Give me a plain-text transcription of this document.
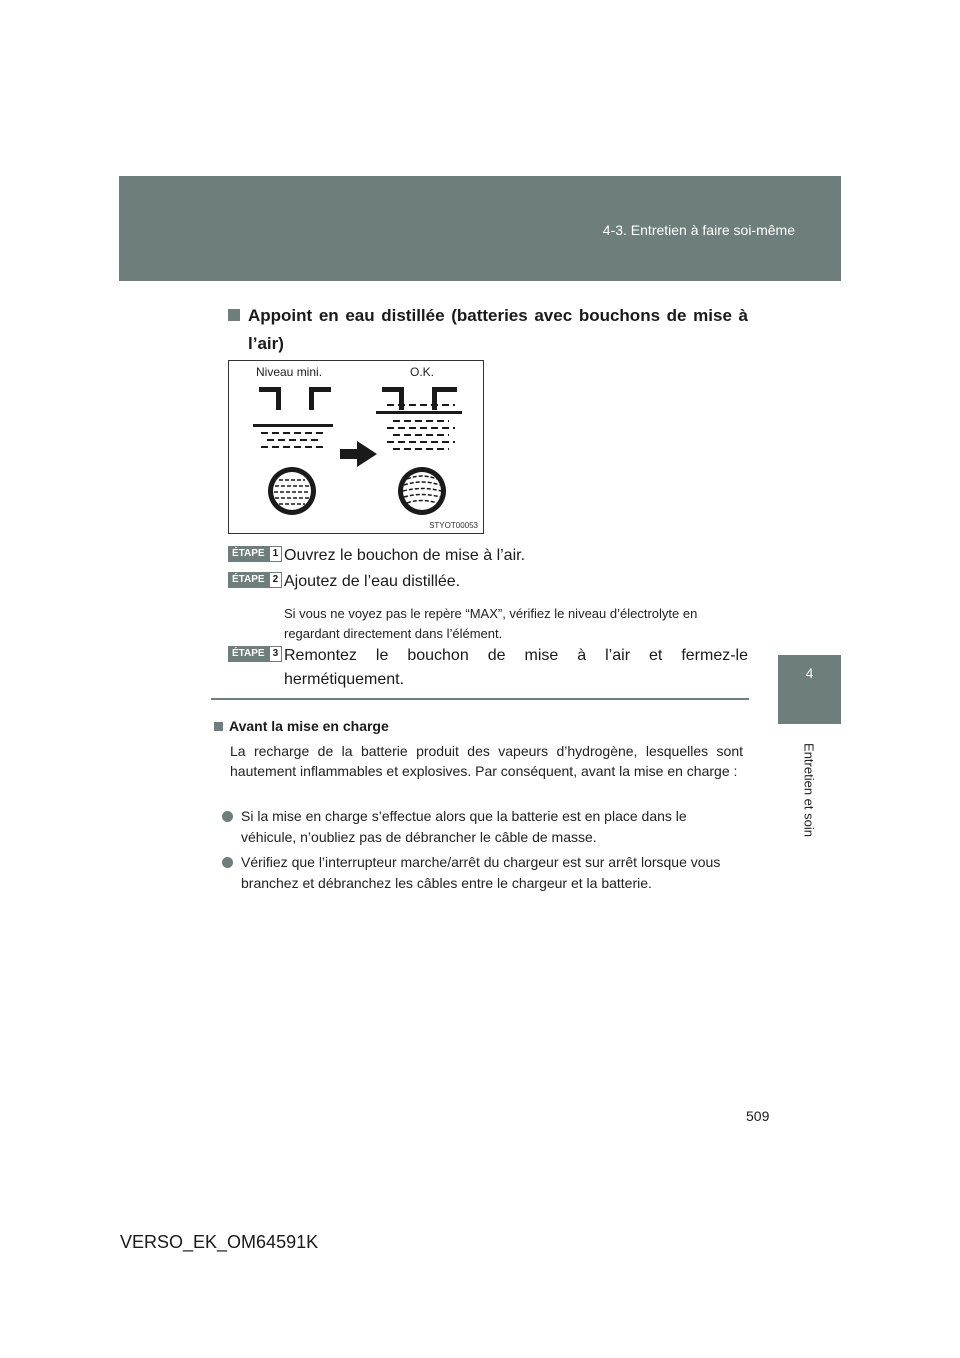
4-3. Entretien à faire soi-même
4
Entretien et soin
Appoint en eau distillée (batteries avec bouchons de mise à l’air)
Niveau mini.	O.K.
STYOT00053
ÉTAPE 1 Ouvrez le bouchon de mise à l’air.
ÉTAPE 2 Ajoutez de l’eau distillée.
Si vous ne voyez pas le repère “MAX”, vérifiez le niveau d’électrolyte en regardant directement dans l’élément.
ÉTAPE 3 Remontez le bouchon de mise à l’air et fermez-le hermétiquement.
Avant la mise en charge
La recharge de la batterie produit des vapeurs d’hydrogène, lesquelles sont hautement inflammables et explosives. Par conséquent, avant la mise en charge :
Si la mise en charge s’effectue alors que la batterie est en place dans le véhicule, n’oubliez pas de débrancher le câble de masse.
Vérifiez que l’interrupteur marche/arrêt du chargeur est sur arrêt lorsque vous branchez et débranchez les câbles entre le chargeur et la batterie.
509
VERSO_EK_OM64591K
